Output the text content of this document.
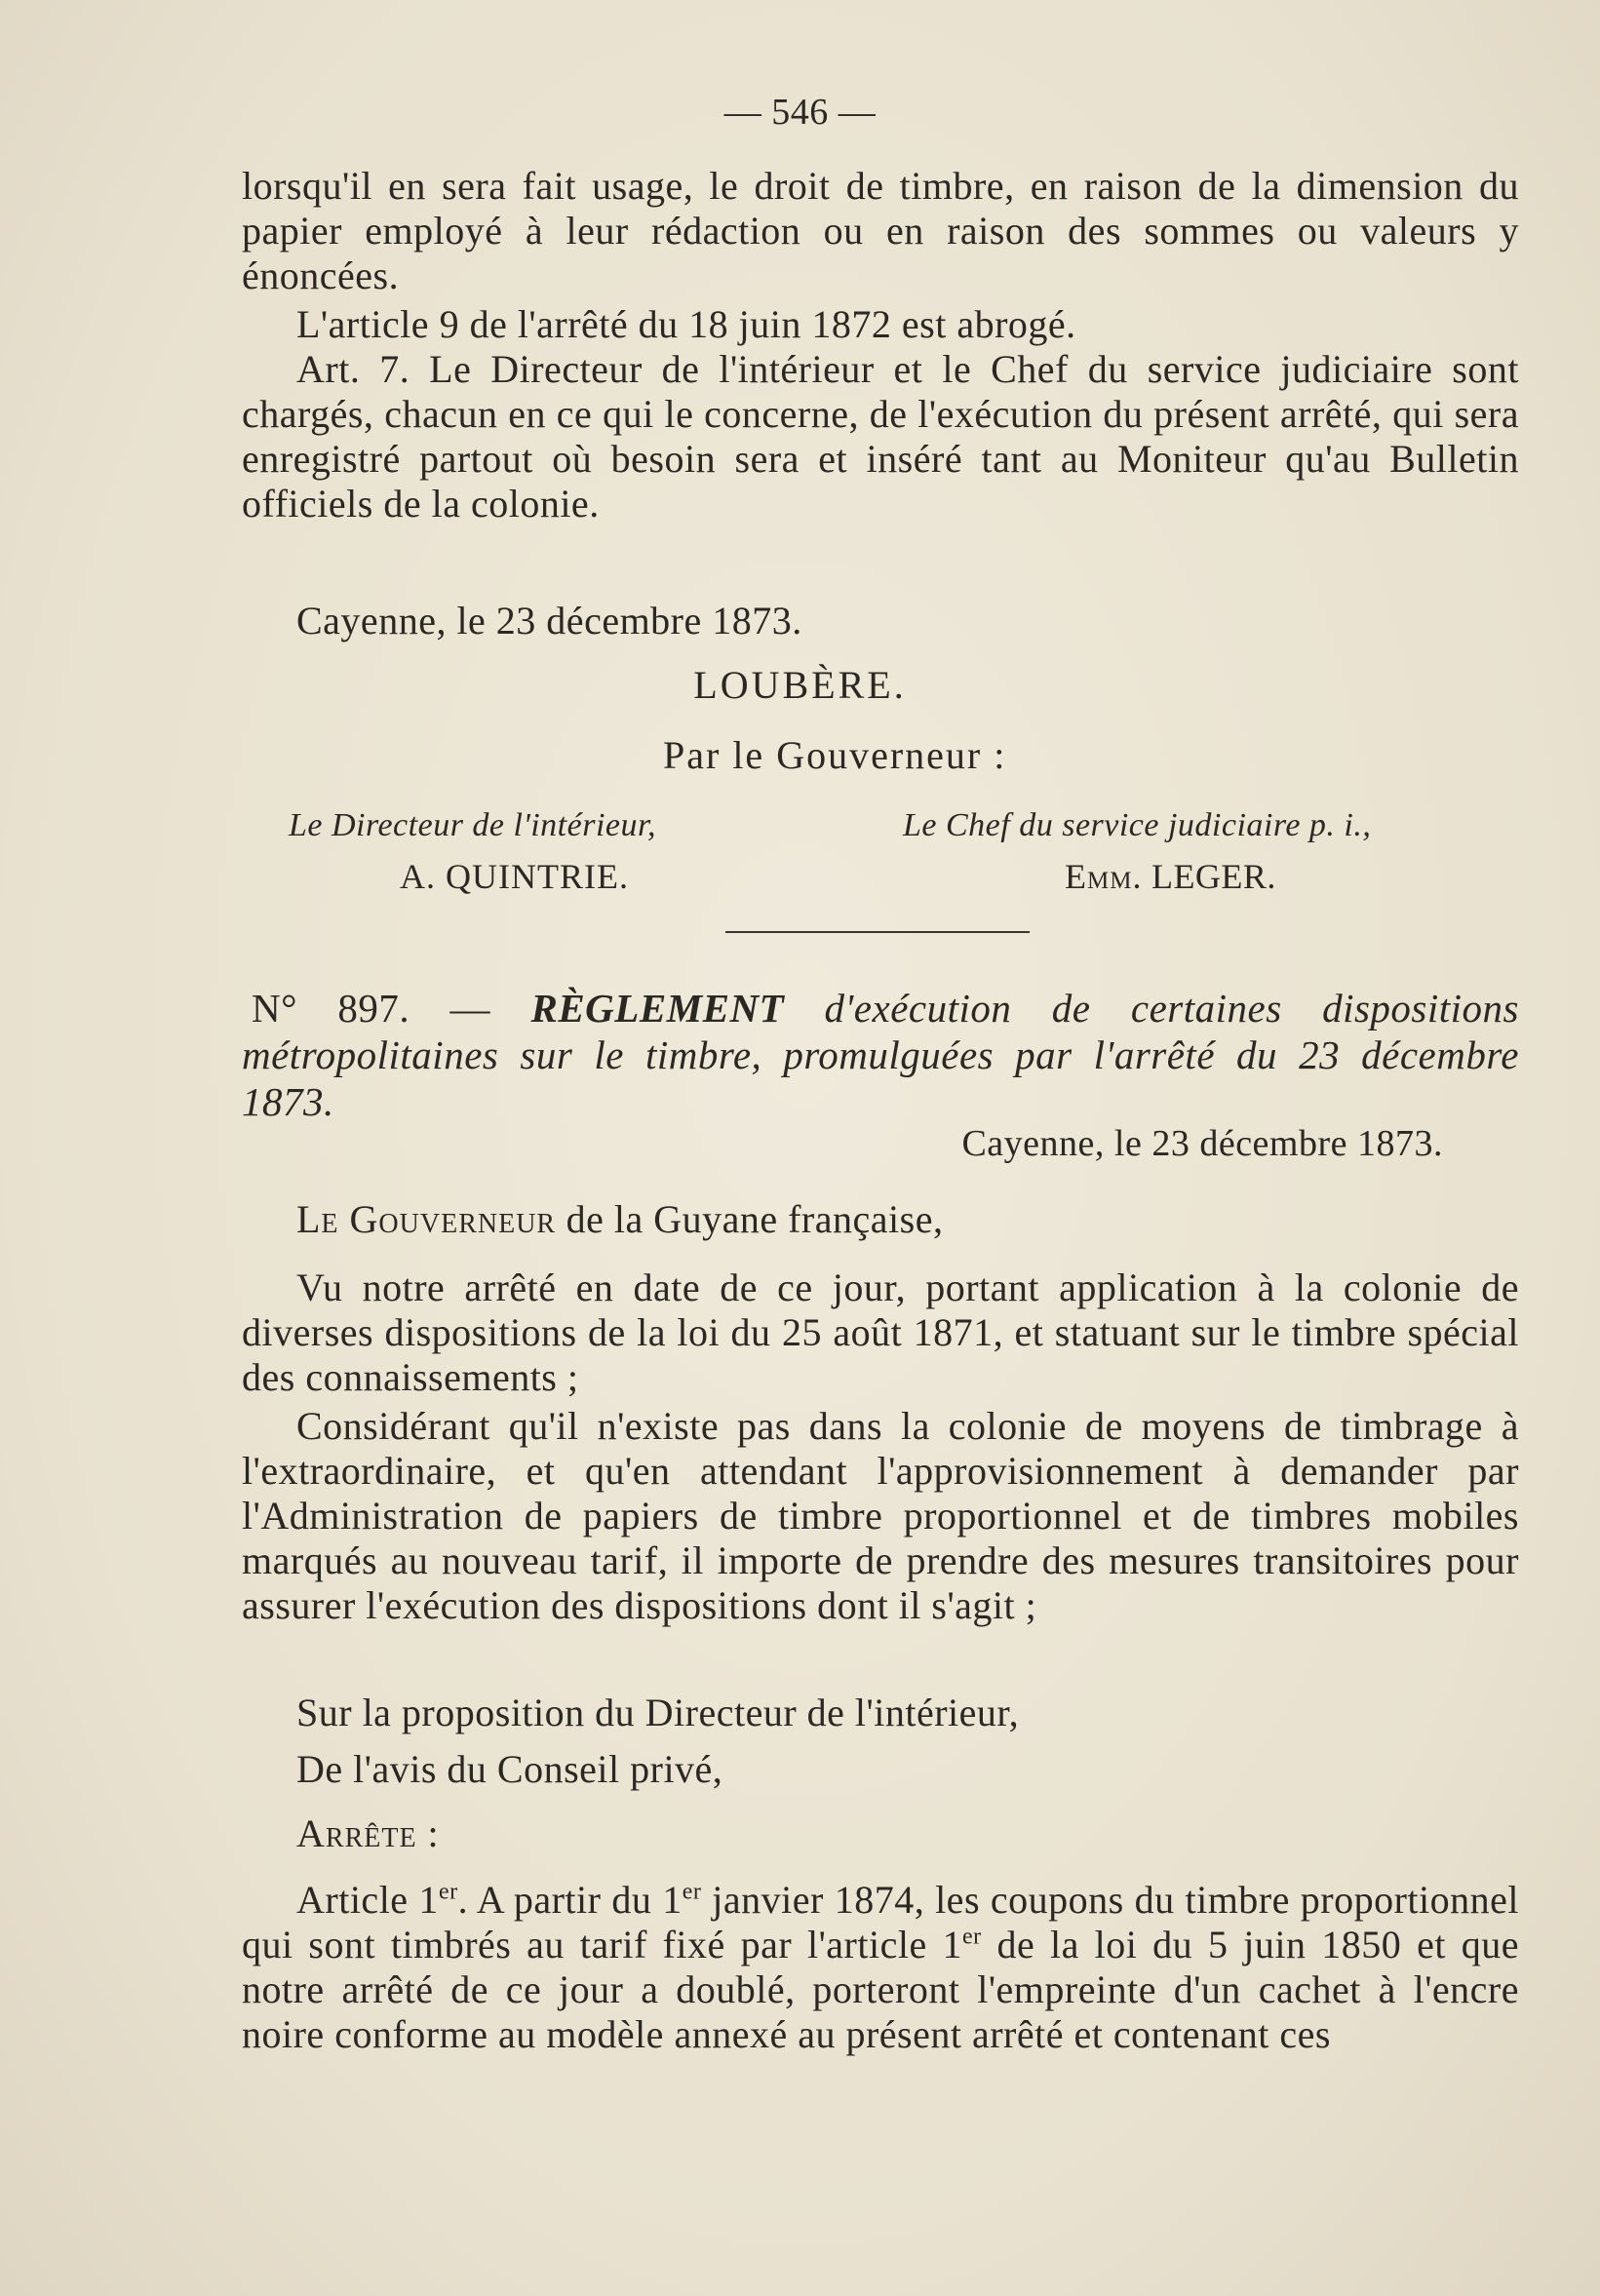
— 546 —

lorsqu'il en sera fait usage, le droit de timbre, en raison de la dimension du papier employé à leur rédaction ou en raison des sommes ou valeurs y énoncées.

L'article 9 de l'arrêté du 18 juin 1872 est abrogé.

Art. 7. Le Directeur de l'intérieur et le Chef du service judiciaire sont chargés, chacun en ce qui le concerne, de l'exécution du présent arrêté, qui sera enregistré partout où besoin sera et inséré tant au Moniteur qu'au Bulletin officiels de la colonie.

Cayenne, le 23 décembre 1873.

LOUBÈRE.
Par le Gouverneur :
Le Directeur de l'intérieur,	Le Chef du service judiciaire p. i.,
A. QUINTRIE.	Emm. LEGER.

N° 897. — RÈGLEMENT d'exécution de certaines dispositions métropolitaines sur le timbre, promulguées par l'arrêté du 23 décembre 1873.

Cayenne, le 23 décembre 1873.

Le Gouverneur de la Guyane française,

Vu notre arrêté en date de ce jour, portant application à la colonie de diverses dispositions de la loi du 25 août 1871, et statuant sur le timbre spécial des connaissements ;

Considérant qu'il n'existe pas dans la colonie de moyens de timbrage à l'extraordinaire, et qu'en attendant l'approvisionnement à demander par l'Administration de papiers de timbre proportionnel et de timbres mobiles marqués au nouveau tarif, il importe de prendre des mesures transitoires pour assurer l'exécution des dispositions dont il s'agit ;

Sur la proposition du Directeur de l'intérieur,

De l'avis du Conseil privé,

Arrête :

Article 1er. A partir du 1er janvier 1874, les coupons du timbre proportionnel qui sont timbrés au tarif fixé par l'article 1er de la loi du 5 juin 1850 et que notre arrêté de ce jour a doublé, porteront l'empreinte d'un cachet à l'encre noire conforme au modèle annexé au présent arrêté et contenant ces
